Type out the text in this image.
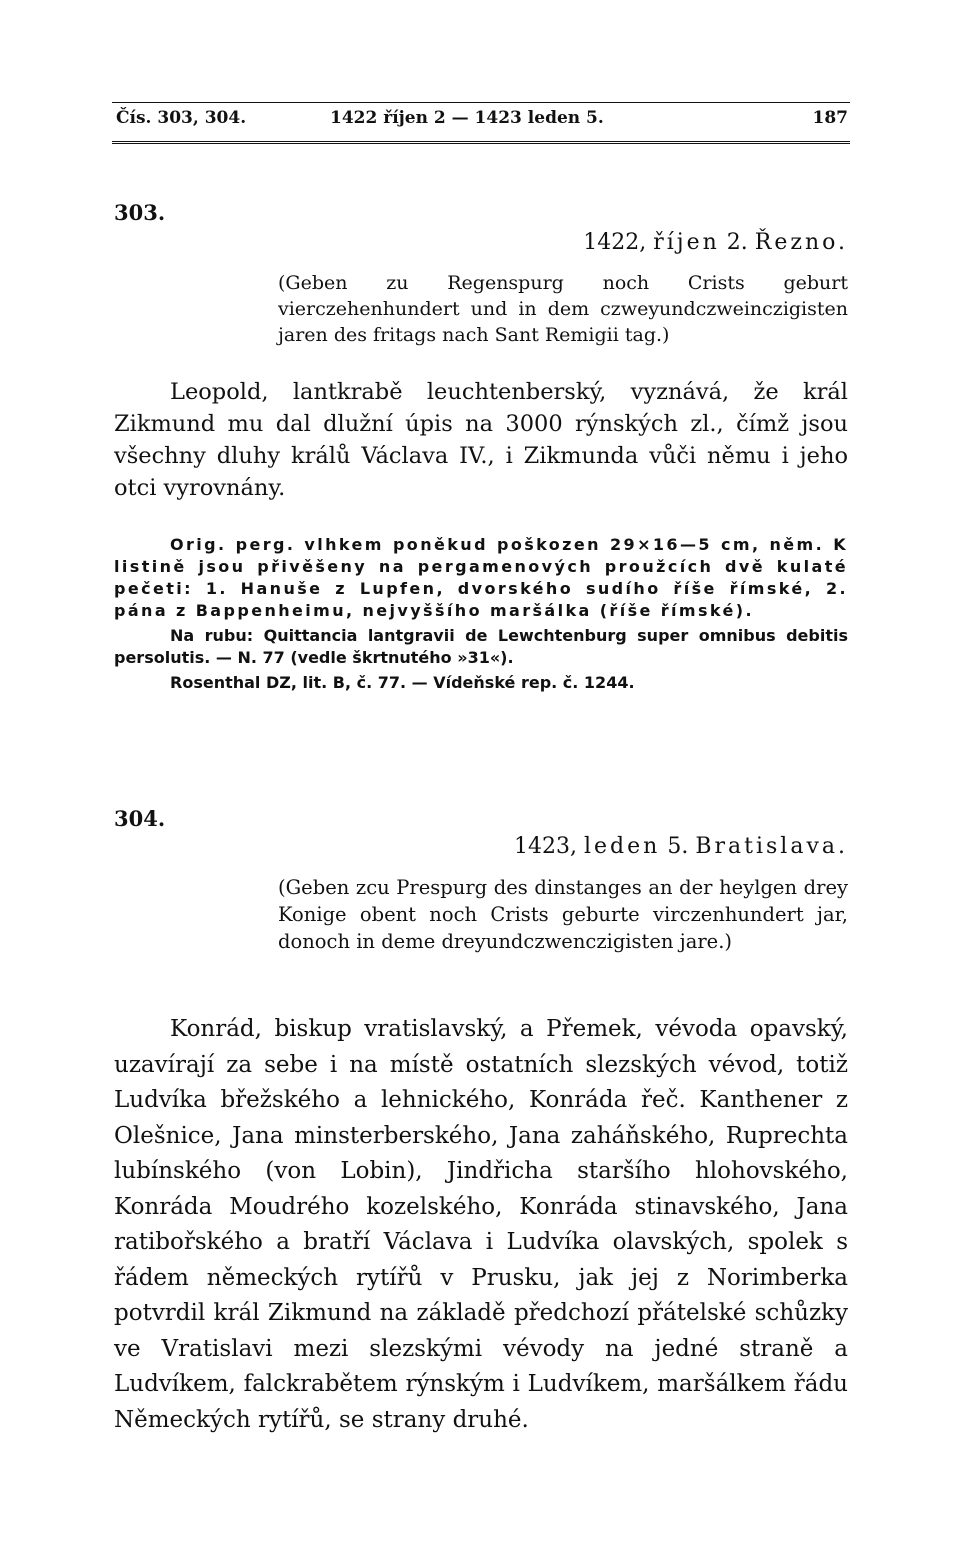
Čís. 303, 304.	1422 říjen 2 — 1423 leden 5.	187
303.
1422, říjen 2. Řezno.
(Geben zu Regenspurg noch Crists geburt vierczehenhundert und in dem czweyundczweinczigisten jaren des fritags nach Sant Remigii tag.)
Leopold, lantkrabě leuchtenberský, vyznává, že král Zikmund mu dal dlužní úpis na 3000 rýnských zl., čímž jsou všechny dluhy králů Václava IV., i Zikmunda vůči němu i jeho otci vyrovnány.

Orig. perg. vlhkem poněkud poškozen 29×16—5 cm, něm. K listině jsou přivěšeny na pergamenových proužcích dvě kulaté pečeti: 1. Hanuše z Lupfen, dvorského sudího říše římské, 2. pána z Bappenheimu, nejvyššího maršálka (říše římské).

Na rubu: Quittancia lantgravii de Lewchtenburg super omnibus debitis persolutis. — N. 77 (vedle škrtnutého »31«).

Rosenthal DZ, lit. B, č. 77. — Vídeňské rep. č. 1244.

304.
1423, leden 5. Bratislava.
(Geben zcu Prespurg des dinstanges an der heylgen drey Konige obent noch Crists geburte virczenhundert jar, donoch in deme dreyundczwenczigisten jare.)
Konrád, biskup vratislavský, a Přemek, vévoda opavský, uzavírají za sebe i na místě ostatních slezských vévod, totiž Ludvíka břežského a lehnického, Konráda řeč. Kanthener z Olešnice, Jana minsterberského, Jana zaháňského, Ruprechta lubínského (von Lobin), Jindřicha staršího hlohovského, Konráda Moudrého kozelského, Konráda stinavského, Jana ratibořského a bratří Václava i Ludvíka olavských, spolek s řádem německých rytířů v Prusku, jak jej z Norimberka potvrdil král Zikmund na základě předchozí přátelské schůzky ve Vratislavi mezi slezskými vévody na jedné straně a Ludvíkem, falckrabětem rýnským i Ludvíkem, maršálkem řádu Německých rytířů, se strany druhé.
